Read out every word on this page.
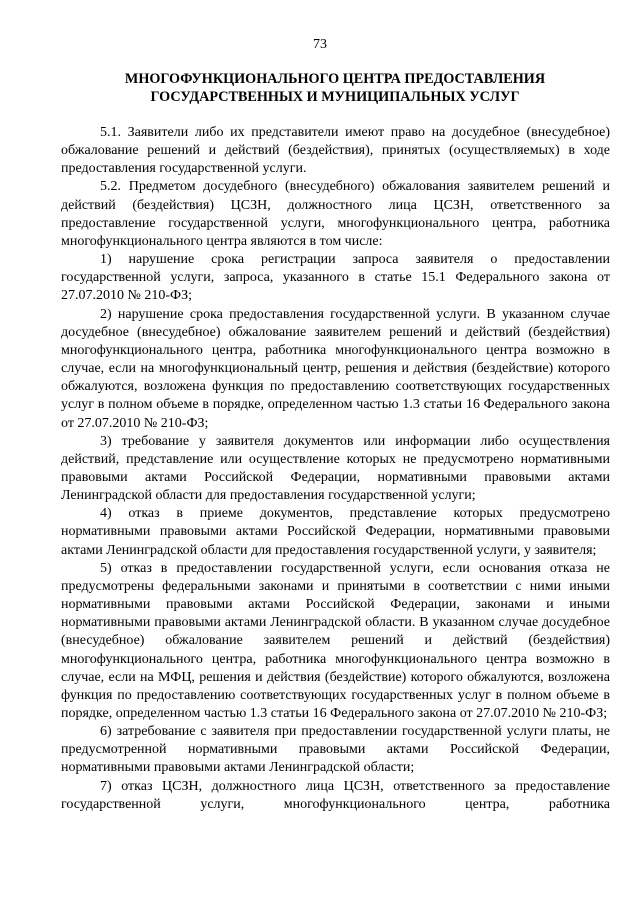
73
МНОГОФУНКЦИОНАЛЬНОГО ЦЕНТРА ПРЕДОСТАВЛЕНИЯ
ГОСУДАРСТВЕННЫХ И МУНИЦИПАЛЬНЫХ УСЛУГ

5.1. Заявители либо их представители имеют право на досудебное (внесудебное) обжалование решений и действий (бездействия), принятых (осуществляемых) в ходе предоставления государственной услуги.

5.2. Предметом досудебного (внесудебного) обжалования заявителем решений и действий (бездействия) ЦСЗН, должностного лица ЦСЗН, ответственного за предоставление государственной услуги, многофункционального центра, работника многофункционального центра являются в том числе:

1) нарушение срока регистрации запроса заявителя о предоставлении государственной услуги, запроса, указанного в статье 15.1 Федерального закона от 27.07.2010 № 210-ФЗ;

2) нарушение срока предоставления государственной услуги. В указанном случае досудебное (внесудебное) обжалование заявителем решений и действий (бездействия) многофункционального центра, работника многофункционального центра возможно в случае, если на многофункциональный центр, решения и действия (бездействие) которого обжалуются, возложена функция по предоставлению соответствующих государственных услуг в полном объеме в порядке, определенном частью 1.3 статьи 16 Федерального закона от 27.07.2010 № 210-ФЗ;

3) требование у заявителя документов или информации либо осуществления действий, представление или осуществление которых не предусмотрено нормативными правовыми актами Российской Федерации, нормативными правовыми актами Ленинградской области для предоставления государственной услуги;

4) отказ в приеме документов, представление которых предусмотрено нормативными правовыми актами Российской Федерации, нормативными правовыми актами Ленинградской области для предоставления государственной услуги, у заявителя;

5) отказ в предоставлении государственной услуги, если основания отказа не предусмотрены федеральными законами и принятыми в соответствии с ними иными нормативными правовыми актами Российской Федерации, законами и иными нормативными правовыми актами Ленинградской области. В указанном случае досудебное (внесудебное) обжалование заявителем решений и действий (бездействия) многофункционального центра, работника многофункционального центра возможно в случае, если на МФЦ, решения и действия (бездействие) которого обжалуются, возложена функция по предоставлению соответствующих государственных услуг в полном объеме в порядке, определенном частью 1.3 статьи 16 Федерального закона от 27.07.2010 № 210-ФЗ;

6) затребование с заявителя при предоставлении государственной услуги платы, не предусмотренной нормативными правовыми актами Российской Федерации, нормативными правовыми актами Ленинградской области;

7) отказ ЦСЗН, должностного лица ЦСЗН, ответственного за предоставление государственной услуги, многофункционального центра, работника
